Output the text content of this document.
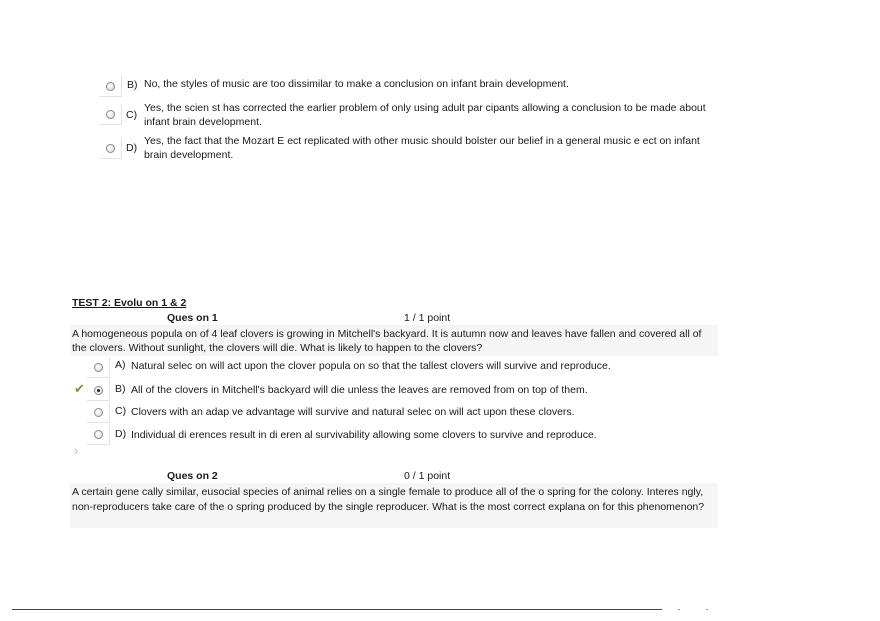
B) No, the styles of music are too dissimilar to make a conclusion on infant brain development.
C)
Yes, the scien st has corrected the earlier problem of only using adult par cipants allowing a conclusion to be made about infant brain development.
D)
Yes, the fact that the Mozart E ect replicated with other music should bolster our belief in a general music e ect on infant brain development.
TEST 2: Evolu on 1 & 2
Ques on 1	1 / 1 point
A homogeneous popula on of 4 leaf clovers is growing in Mitchell's backyard. It is autumn now and leaves have fallen and covered all of the clovers. Without sunlight, the clovers will die. What is likely to happen to the clovers?
A) Natural selec on will act upon the clover popula on so that the tallest clovers will survive and reproduce.
✔	B) All of the clovers in Mitchell's backyard will die unless the leaves are removed from on top of them.
C) Clovers with an adap ve advantage will survive and natural selec on will act upon these clovers.
D) Individual di erences result in di eren al survivability allowing some clovers to survive and reproduce.
›
Ques on 2	0 / 1 point
A certain gene cally similar, eusocial species of animal relies on a single female to produce all of the o spring for the colony. Interes ngly, non-reproducers take care of the o spring produced by the single reproducer. What is the most correct explana on for this phenomenon?
